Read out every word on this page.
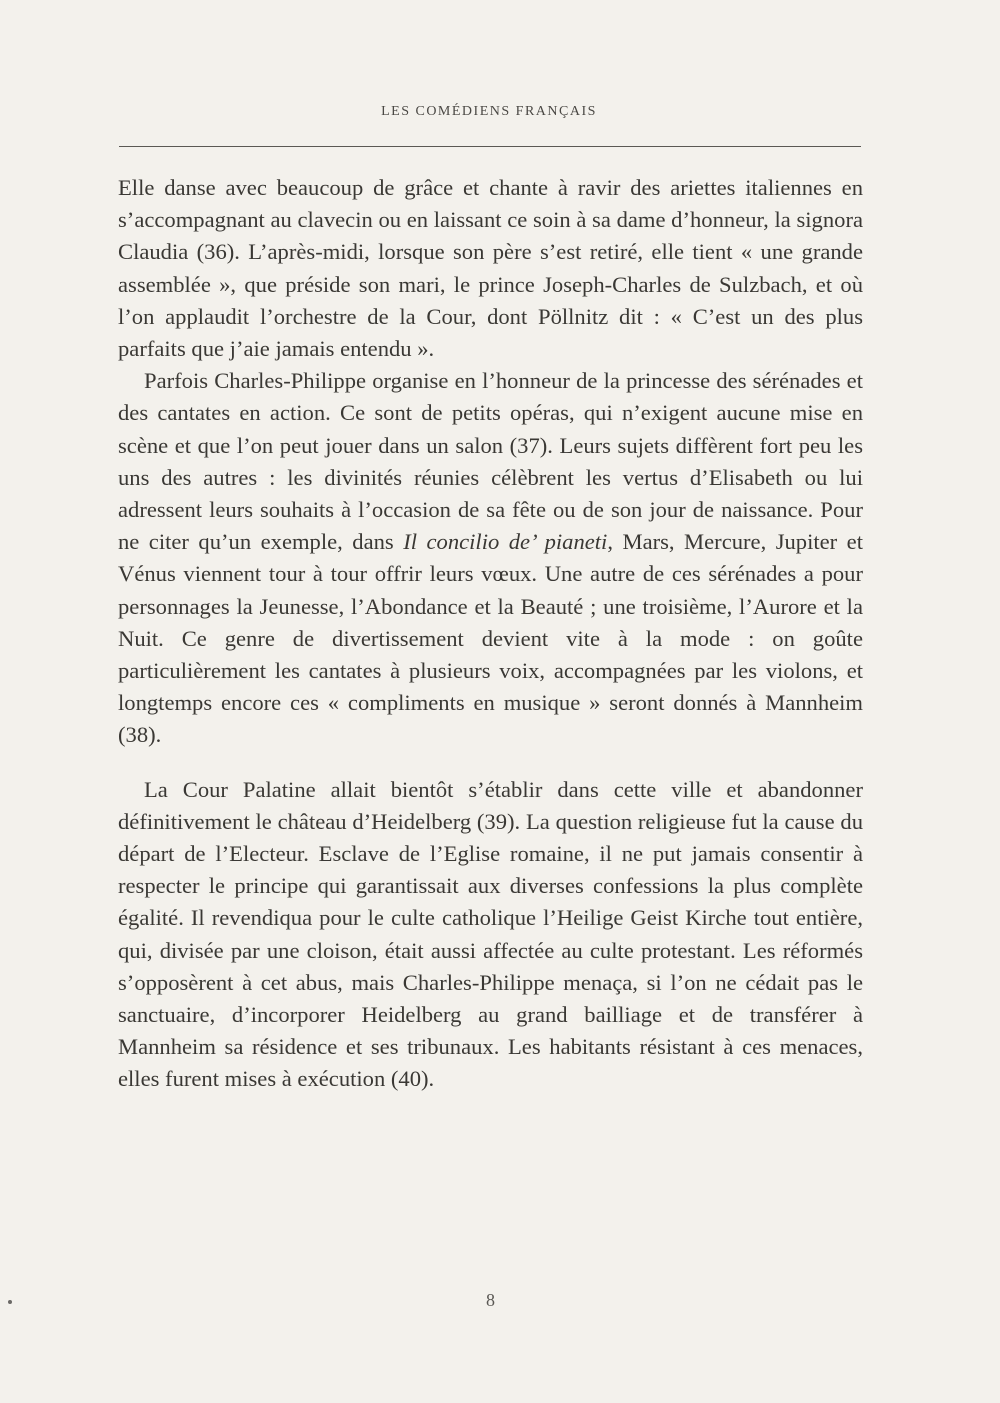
LES COMÉDIENS FRANÇAIS

Elle danse avec beaucoup de grâce et chante à ravir des ariettes italiennes en s’accompagnant au clavecin ou en laissant ce soin à sa dame d’honneur, la signora Claudia (36). L’après-midi, lorsque son père s’est retiré, elle tient « une grande assemblée », que préside son mari, le prince Joseph-Charles de Sulzbach, et où l’on applaudit l’orchestre de la Cour, dont Pöllnitz dit : « C’est un des plus parfaits que j’aie jamais entendu ».

Parfois Charles-Philippe organise en l’honneur de la princesse des sérénades et des cantates en action. Ce sont de petits opéras, qui n’exigent aucune mise en scène et que l’on peut jouer dans un salon (37). Leurs sujets diffèrent fort peu les uns des autres : les divinités réunies célèbrent les vertus d’Elisabeth ou lui adressent leurs souhaits à l’occasion de sa fête ou de son jour de naissance. Pour ne citer qu’un exemple, dans Il concilio de’ pianeti, Mars, Mercure, Jupiter et Vénus viennent tour à tour offrir leurs vœux. Une autre de ces sérénades a pour personnages la Jeunesse, l’Abondance et la Beauté ; une troisième, l’Aurore et la Nuit. Ce genre de divertissement devient vite à la mode : on goûte particulièrement les cantates à plusieurs voix, accompagnées par les violons, et longtemps encore ces « compliments en musique » seront donnés à Mannheim (38).

La Cour Palatine allait bientôt s’établir dans cette ville et abandonner définitivement le château d’Heidelberg (39). La question religieuse fut la cause du départ de l’Electeur. Esclave de l’Eglise romaine, il ne put jamais consentir à respecter le principe qui garantissait aux diverses confessions la plus complète égalité. Il revendiqua pour le culte catholique l’Heilige Geist Kirche tout entière, qui, divisée par une cloison, était aussi affectée au culte protestant. Les réformés s’opposèrent à cet abus, mais Charles-Philippe menaça, si l’on ne cédait pas le sanctuaire, d’incorporer Heidelberg au grand bailliage et de transférer à Mannheim sa résidence et ses tribunaux. Les habitants résistant à ces menaces, elles furent mises à exécution (40).

8
